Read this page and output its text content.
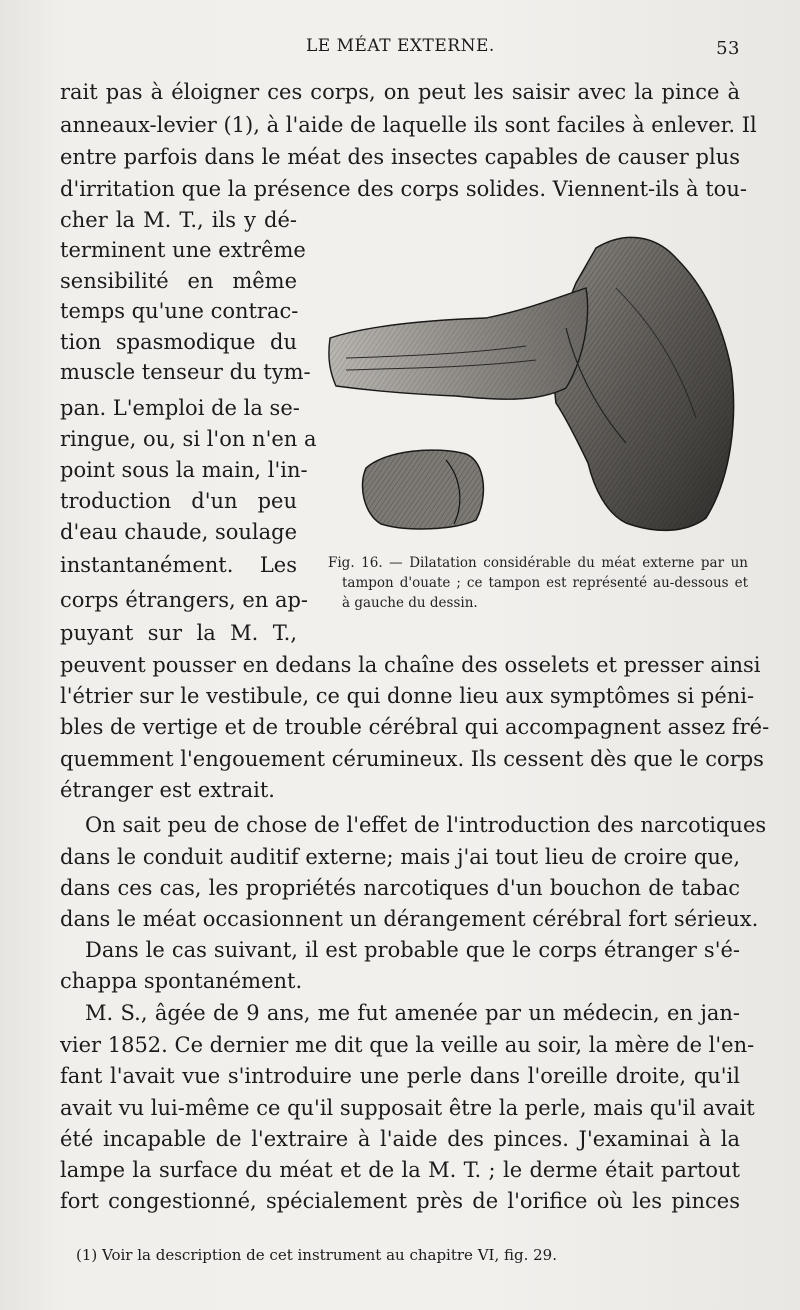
LE MÉAT EXTERNE.	53
rait pas à éloigner ces corps, on peut les saisir avec la pince à
anneaux-levier (1), à l'aide de laquelle ils sont faciles à enlever. Il
entre parfois dans le méat des insectes capables de causer plus
d'irritation que la présence des corps solides. Viennent-ils à tou-
cher la M. T., ils y dé-
terminent une extrême
sensibilité en même
temps qu'une contrac-
tion spasmodique du
muscle tenseur du tym-
pan. L'emploi de la se-
ringue, ou, si l'on n'en a
point sous la main, l'in-
troduction d'un peu
d'eau chaude, soulage
instantanément. Les
corps étrangers, en ap-
puyant sur la M. T.,
peuvent pousser en dedans la chaîne des osselets et presser ainsi
l'étrier sur le vestibule, ce qui donne lieu aux symptômes si péni-
bles de vertige et de trouble cérébral qui accompagnent assez fré-
quemment l'engouement cérumineux. Ils cessent dès que le corps
étranger est extrait.
On sait peu de chose de l'effet de l'introduction des narcotiques
dans le conduit auditif externe; mais j'ai tout lieu de croire que,
dans ces cas, les propriétés narcotiques d'un bouchon de tabac
dans le méat occasionnent un dérangement cérébral fort sérieux.
Dans le cas suivant, il est probable que le corps étranger s'é-
chappa spontanément.
M. S., âgée de 9 ans, me fut amenée par un médecin, en jan-
vier 1852. Ce dernier me dit que la veille au soir, la mère de l'en-
fant l'avait vue s'introduire une perle dans l'oreille droite, qu'il
avait vu lui-même ce qu'il supposait être la perle, mais qu'il avait
été incapable de l'extraire à l'aide des pinces. J'examinai à la
lampe la surface du méat et de la M. T. ; le derme était partout
fort congestionné, spécialement près de l'orifice où les pinces
Fig. 16. — Dilatation considérable du méat externe par un
tampon d'ouate ; ce tampon est représenté au-dessous et
à gauche du dessin.
(1) Voir la description de cet instrument au chapitre VI, fig. 29.
